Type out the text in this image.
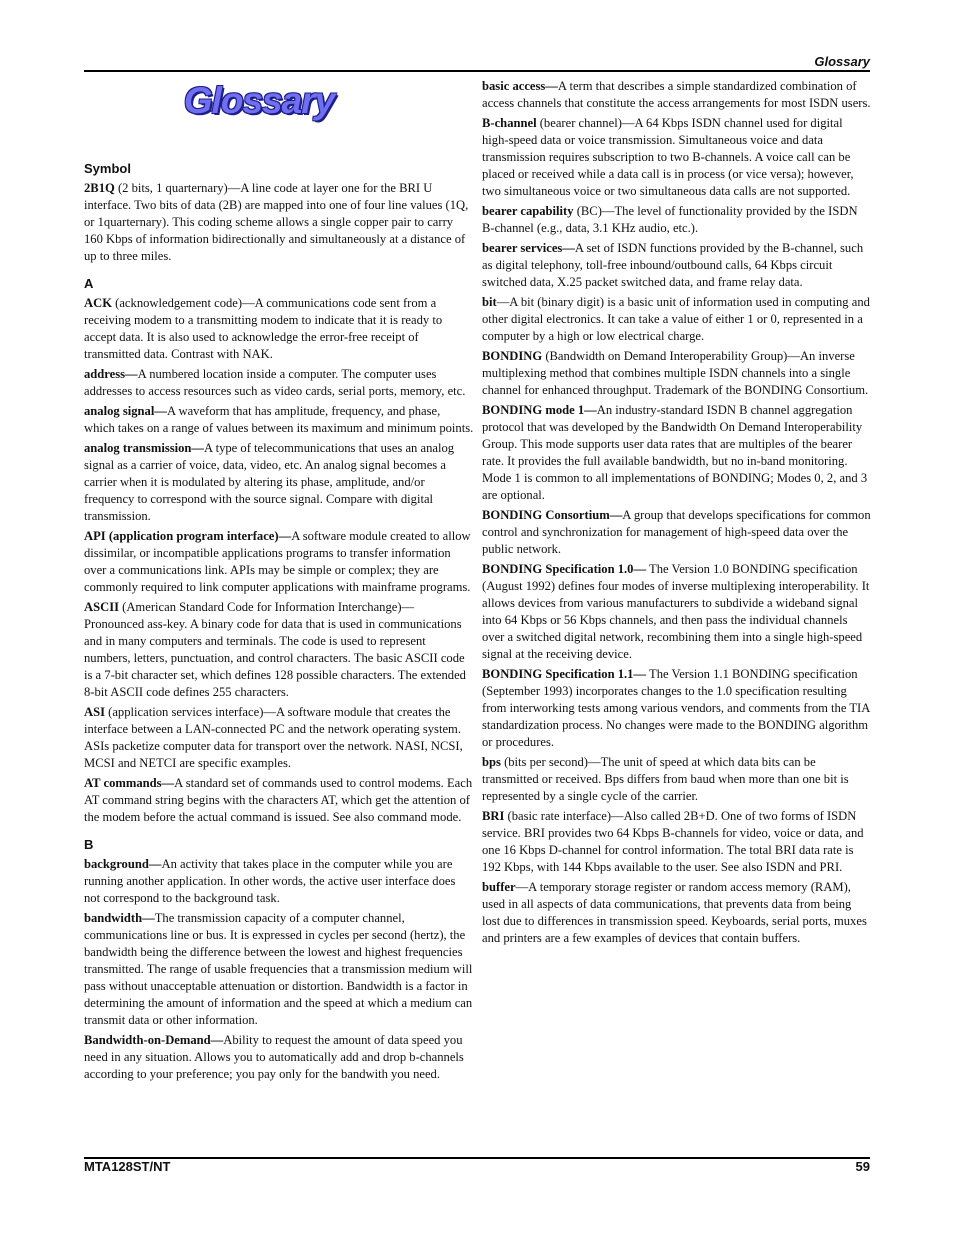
Glossary
Glossary
Symbol

2B1Q (2 bits, 1 quarternary)—A line code at layer one for the BRI U interface. Two bits of data (2B) are mapped into one of four line values (1Q, or 1quarternary). This coding scheme allows a single copper pair to carry 160 Kbps of information bidirectionally and simultaneously at a distance of up to three miles.

A

ACK (acknowledgement code)—A communications code sent from a receiving modem to a transmitting modem to indicate that it is ready to accept data. It is also used to acknowledge the error-free receipt of transmitted data. Contrast with NAK.

address—A numbered location inside a computer. The computer uses addresses to access resources such as video cards, serial ports, memory, etc.

analog signal—A waveform that has amplitude, frequency, and phase, which takes on a range of values between its maximum and minimum points.

analog transmission—A type of telecommunications that uses an analog signal as a carrier of voice, data, video, etc. An analog signal becomes a carrier when it is modulated by altering its phase, amplitude, and/or frequency to correspond with the source signal. Compare with digital transmission.

API (application program interface)—A software module created to allow dissimilar, or incompatible applications programs to transfer information over a communications link. APIs may be simple or complex; they are commonly required to link computer applications with mainframe programs.

ASCII (American Standard Code for Information Interchange)—Pronounced ass-key. A binary code for data that is used in communications and in many computers and terminals. The code is used to represent numbers, letters, punctuation, and control characters. The basic ASCII code is a 7-bit character set, which defines 128 possible characters. The extended 8-bit ASCII code defines 255 characters.

ASI (application services interface)—A software module that creates the interface between a LAN-connected PC and the network operating system. ASIs packetize computer data for transport over the network. NASI, NCSI, MCSI and NETCI are specific examples.

AT commands—A standard set of commands used to control modems. Each AT command string begins with the characters AT, which get the attention of the modem before the actual command is issued. See also command mode.

B

background—An activity that takes place in the computer while you are running another application. In other words, the active user interface does not correspond to the background task.

bandwidth—The transmission capacity of a computer channel, communications line or bus. It is expressed in cycles per second (hertz), the bandwidth being the difference between the lowest and highest frequencies transmitted. The range of usable frequencies that a transmission medium will pass without unacceptable attenuation or distortion. Bandwidth is a factor in determining the amount of information and the speed at which a medium can transmit data or other information.

Bandwidth-on-Demand—Ability to request the amount of data speed you need in any situation. Allows you to automatically add and drop b-channels according to your preference; you pay only for the bandwith you need.

basic access—A term that describes a simple standardized combination of access channels that constitute the access arrangements for most ISDN users.

B-channel (bearer channel)—A 64 Kbps ISDN channel used for digital high-speed data or voice transmission. Simultaneous voice and data transmission requires subscription to two B-channels. A voice call can be placed or received while a data call is in process (or vice versa); however, two simultaneous voice or two simultaneous data calls are not supported.

bearer capability (BC)—The level of functionality provided by the ISDN B-channel (e.g., data, 3.1 KHz audio, etc.).

bearer services—A set of ISDN functions provided by the B-channel, such as digital telephony, toll-free inbound/outbound calls, 64 Kbps circuit switched data, X.25 packet switched data, and frame relay data.

bit—A bit (binary digit) is a basic unit of information used in computing and other digital electronics. It can take a value of either 1 or 0, represented in a computer by a high or low electrical charge.

BONDING (Bandwidth on Demand Interoperability Group)—An inverse multiplexing method that combines multiple ISDN channels into a single channel for enhanced throughput. Trademark of the BONDING Consortium.

BONDING mode 1—An industry-standard ISDN B channel aggregation protocol that was developed by the Bandwidth On Demand Interoperability Group. This mode supports user data rates that are multiples of the bearer rate. It provides the full available bandwidth, but no in-band monitoring. Mode 1 is common to all implementations of BONDING; Modes 0, 2, and 3 are optional.

BONDING Consortium—A group that develops specifications for common control and synchronization for management of high-speed data over the public network.

BONDING Specification 1.0— The Version 1.0 BONDING specification (August 1992) defines four modes of inverse multiplexing interoperability. It allows devices from various manufacturers to subdivide a wideband signal into 64 Kbps or 56 Kbps channels, and then pass the individual channels over a switched digital network, recombining them into a single high-speed signal at the receiving device.

BONDING Specification 1.1— The Version 1.1 BONDING specification (September 1993) incorporates changes to the 1.0 specification resulting from interworking tests among various vendors, and comments from the TIA standardization process. No changes were made to the BONDING algorithm or procedures.

bps (bits per second)—The unit of speed at which data bits can be transmitted or received. Bps differs from baud when more than one bit is represented by a single cycle of the carrier.

BRI (basic rate interface)—Also called 2B+D. One of two forms of ISDN service. BRI provides two 64 Kbps B-channels for video, voice or data, and one 16 Kbps D-channel for control information. The total BRI data rate is 192 Kbps, with 144 Kbps available to the user. See also ISDN and PRI.

buffer—A temporary storage register or random access memory (RAM), used in all aspects of data communications, that prevents data from being lost due to differences in transmission speed. Keyboards, serial ports, muxes and printers are a few examples of devices that contain buffers.

MTA128ST/NT	59
